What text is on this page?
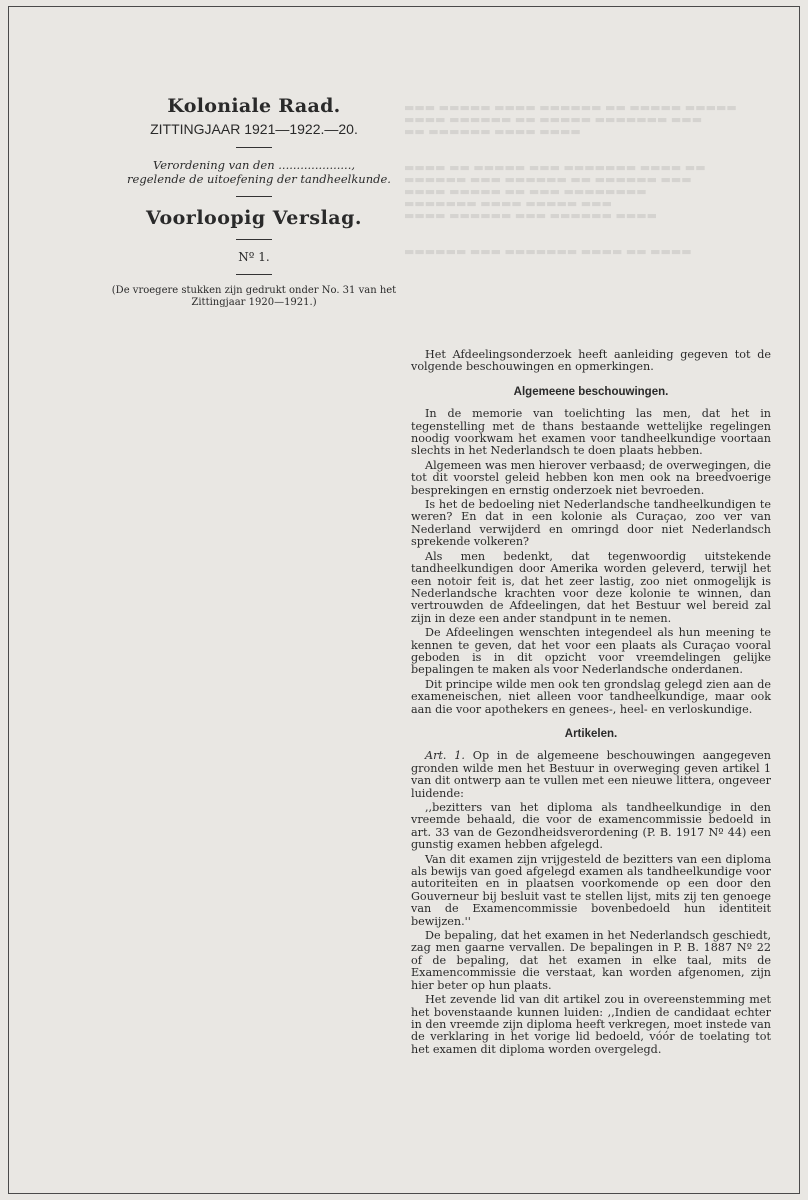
▬▬▬ ▬▬▬▬▬ ▬▬▬▬ ▬▬▬▬▬▬ ▬▬ ▬▬▬▬▬ ▬▬▬▬▬
▬▬▬▬ ▬▬▬▬▬▬ ▬▬ ▬▬▬▬▬ ▬▬▬▬▬▬▬ ▬▬▬
▬▬ ▬▬▬▬▬▬ ▬▬▬▬ ▬▬▬▬

▬▬▬▬ ▬▬ ▬▬▬▬▬ ▬▬▬ ▬▬▬▬▬▬▬ ▬▬▬▬ ▬▬
▬▬▬▬▬▬ ▬▬▬ ▬▬▬▬▬▬ ▬▬ ▬▬▬▬▬▬ ▬▬▬
▬▬▬▬ ▬▬▬▬▬ ▬▬ ▬▬▬ ▬▬▬▬▬▬▬▬
▬▬▬▬▬▬▬ ▬▬▬▬ ▬▬▬▬▬ ▬▬▬
▬▬▬▬ ▬▬▬▬▬▬ ▬▬▬ ▬▬▬▬▬▬ ▬▬▬▬

▬▬▬▬▬▬ ▬▬▬ ▬▬▬▬▬▬▬ ▬▬▬▬ ▬▬ ▬▬▬▬
Koloniale Raad.

ZITTINGJAAR 1921—1922.—20.

Verordening van den ....................,
regelende de uitoefening der tandheelkunde.

Voorloopig Verslag.

Nº 1.

(De vroegere stukken zijn gedrukt onder No. 31 van het Zittingjaar 1920—1921.)

Het Afdeelingsonderzoek heeft aanleiding gegeven tot de volgende beschouwingen en opmerkingen.

Algemeene beschouwingen.

In de memorie van toelichting las men, dat het in tegenstelling met de thans bestaande wettelijke regelingen noodig voorkwam het examen voor tandheelkundige voortaan slechts in het Nederlandsch te doen plaats hebben.

Algemeen was men hierover verbaasd; de overwegingen, die tot dit voorstel geleid hebben kon men ook na breedvoerige besprekingen en ernstig onderzoek niet bevroeden.

Is het de bedoeling niet Nederlandsche tandheelkundigen te weren? En dat in een kolonie als Curaçao, zoo ver van Nederland verwijderd en omringd door niet Nederlandsch sprekende volkeren?

Als men bedenkt, dat tegenwoordig uitstekende tandheelkundigen door Amerika worden geleverd, terwijl het een notoir feit is, dat het zeer lastig, zoo niet onmogelijk is Nederlandsche krachten voor deze kolonie te winnen, dan vertrouwden de Afdeelingen, dat het Bestuur wel bereid zal zijn in deze een ander standpunt in te nemen.

De Afdeelingen wenschten integendeel als hun meening te kennen te geven, dat het voor een plaats als Curaçao vooral geboden is in dit opzicht voor vreemdelingen gelijke bepalingen te maken als voor Nederlandsche onderdanen.

Dit principe wilde men ook ten grondslag gelegd zien aan de exameneischen, niet alleen voor tandheelkundige, maar ook aan die voor apothekers en genees-, heel- en verloskundige.

Artikelen.

Art. 1. Op in de algemeene beschouwingen aangegeven gronden wilde men het Bestuur in overweging geven artikel 1 van dit ontwerp aan te vullen met een nieuwe littera, ongeveer luidende:

,,bezitters van het diploma als tandheelkundige in den vreemde behaald, die voor de examencommissie bedoeld in art. 33 van de Gezondheidsverordening (P. B. 1917 Nº 44) een gunstig examen hebben afgelegd.

Van dit examen zijn vrijgesteld de bezitters van een diploma als bewijs van goed afgelegd examen als tandheelkundige voor autoriteiten en in plaatsen voorkomende op een door den Gouverneur bij besluit vast te stellen lijst, mits zij ten genoege van de Examencommissie bovenbedoeld hun identiteit bewijzen.''

De bepaling, dat het examen in het Nederlandsch geschiedt, zag men gaarne vervallen. De bepalingen in P. B. 1887 Nº 22 of de bepaling, dat het examen in elke taal, mits de Examencommissie die verstaat, kan worden afgenomen, zijn hier beter op hun plaats.

Het zevende lid van dit artikel zou in overeenstemming met het bovenstaande kunnen luiden: ,,Indien de candidaat echter in den vreemde zijn diploma heeft verkregen, moet instede van de verklaring in het vorige lid bedoeld, vóór de toelating tot het examen dit diploma worden overgelegd.
